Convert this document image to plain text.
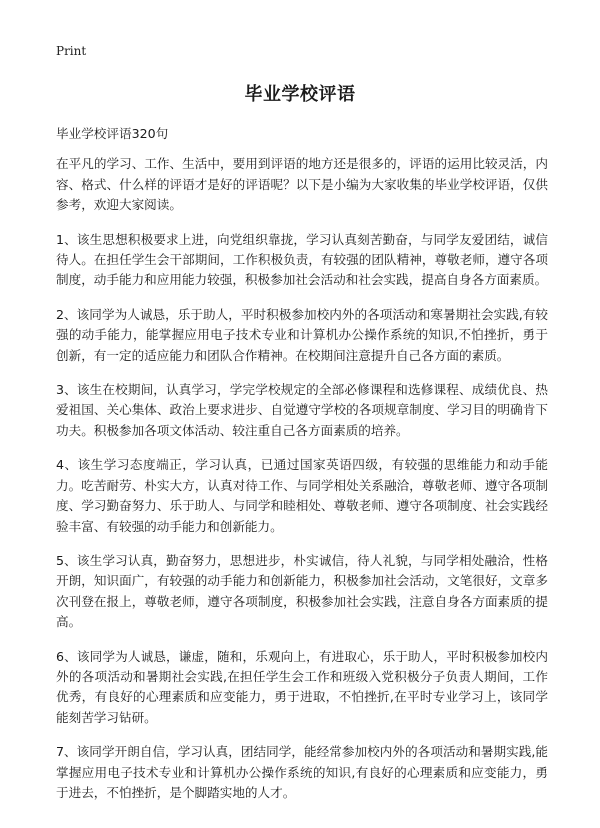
Print
毕业学校评语

毕业学校评语320句

在平凡的学习、工作、生活中，要用到评语的地方还是很多的，评语的运用比较灵活，内容、格式、什么样的评语才是好的评语呢？以下是小编为大家收集的毕业学校评语，仅供参考，欢迎大家阅读。

1、该生思想积极要求上进，向党组织靠拢，学习认真刻苦勤奋，与同学友爱团结，诚信待人。在担任学生会干部期间，工作积极负责，有较强的团队精神，尊敬老师，遵守各项制度，动手能力和应用能力较强，积极参加社会活动和社会实践，提高自身各方面素质。

2、该同学为人诚恳，乐于助人，平时积极参加校内外的各项活动和寒暑期社会实践,有较强的动手能力，能掌握应用电子技术专业和计算机办公操作系统的知识,不怕挫折，勇于创新，有一定的适应能力和团队合作精神。在校期间注意提升自己各方面的素质。

3、该生在校期间，认真学习，学完学校规定的全部必修课程和选修课程、成绩优良、热爱祖国、关心集体、政治上要求进步、自觉遵守学校的各项规章制度、学习目的明确肯下功夫。积极参加各项文体活动、较注重自己各方面素质的培养。

4、该生学习态度端正，学习认真，已通过国家英语四级，有较强的思维能力和动手能力。吃苦耐劳、朴实大方，认真对待工作、与同学相处关系融洽，尊敬老师、遵守各项制度、学习勤奋努力、乐于助人、与同学和睦相处、尊敬老师、遵守各项制度、社会实践经验丰富、有较强的动手能力和创新能力。

5、该生学习认真，勤奋努力，思想进步，朴实诚信，待人礼貌，与同学相处融洽，性格开朗，知识面广，有较强的动手能力和创新能力，积极参加社会活动，文笔很好，文章多次刊登在报上，尊敬老师，遵守各项制度，积极参加社会实践，注意自身各方面素质的提高。

6、该同学为人诚恳，谦虚，随和，乐观向上，有进取心，乐于助人，平时积极参加校内外的各项活动和暑期社会实践,在担任学生会工作和班级入党积极分子负责人期间，工作优秀，有良好的心理素质和应变能力，勇于进取，不怕挫折,在平时专业学习上，该同学能刻苦学习钻研。

7、该同学开朗自信，学习认真，团结同学，能经常参加校内外的各项活动和暑期实践,能掌握应用电子技术专业和计算机办公操作系统的知识,有良好的心理素质和应变能力，勇于进去，不怕挫折，是个脚踏实地的人才。
